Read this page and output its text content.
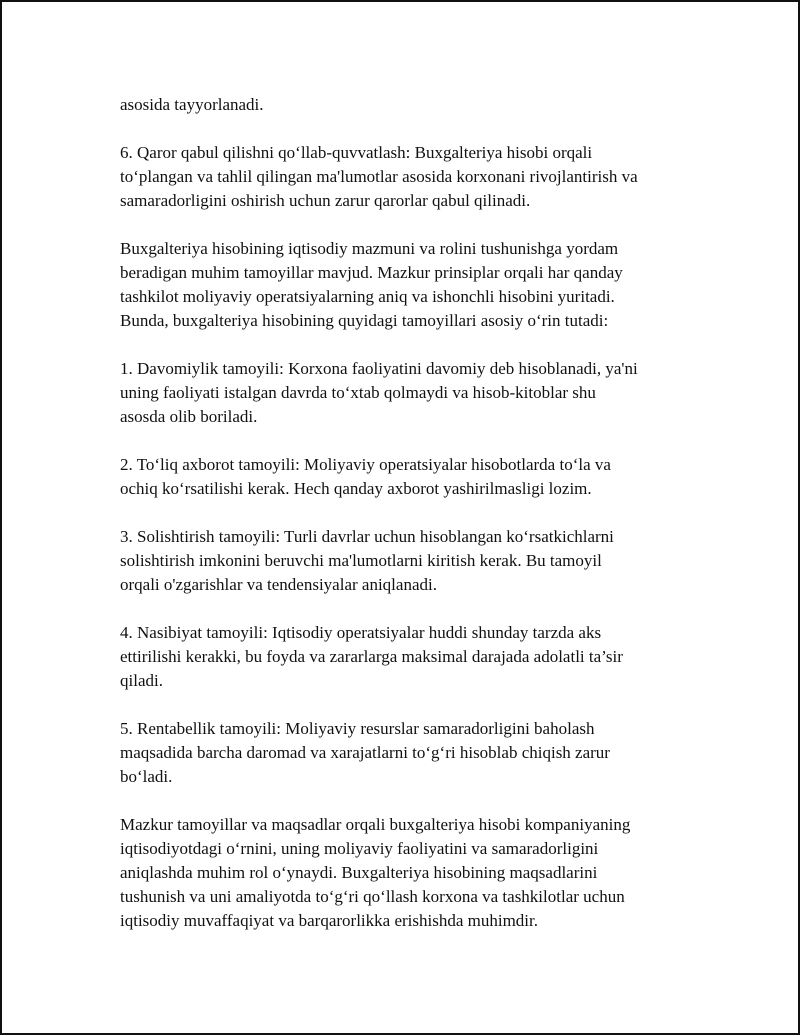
asosida tayyorlanadi.

6. Qaror qabul qilishni qo‘llab-quvvatlash: Buxgalteriya hisobi orqali
to‘plangan va tahlil qilingan ma'lumotlar asosida korxonani rivojlantirish va
samaradorligini oshirish uchun zarur qarorlar qabul qilinadi.

Buxgalteriya hisobining iqtisodiy mazmuni va rolini tushunishga yordam
beradigan muhim tamoyillar mavjud. Mazkur prinsiplar orqali har qanday
tashkilot moliyaviy operatsiyalarning aniq va ishonchli hisobini yuritadi.
Bunda, buxgalteriya hisobining quyidagi tamoyillari asosiy o‘rin tutadi:

1. Davomiylik tamoyili: Korxona faoliyatini davomiy deb hisoblanadi, ya'ni
uning faoliyati istalgan davrda to‘xtab qolmaydi va hisob-kitoblar shu
asosda olib boriladi.

2. To‘liq axborot tamoyili: Moliyaviy operatsiyalar hisobotlarda to‘la va
ochiq ko‘rsatilishi kerak. Hech qanday axborot yashirilmasligi lozim.

3. Solishtirish tamoyili: Turli davrlar uchun hisoblangan ko‘rsatkichlarni
solishtirish imkonini beruvchi ma'lumotlarni kiritish kerak. Bu tamoyil
orqali o'zgarishlar va tendensiyalar aniqlanadi.

4. Nasibiyat tamoyili: Iqtisodiy operatsiyalar huddi shunday tarzda aks
ettirilishi kerakki, bu foyda va zararlarga maksimal darajada adolatli ta’sir
qiladi.

5. Rentabellik tamoyili: Moliyaviy resurslar samaradorligini baholash
maqsadida barcha daromad va xarajatlarni to‘g‘ri hisoblab chiqish zarur
bo‘ladi.

Mazkur tamoyillar va maqsadlar orqali buxgalteriya hisobi kompaniyaning
iqtisodiyotdagi o‘rnini, uning moliyaviy faoliyatini va samaradorligini
aniqlashda muhim rol o‘ynaydi. Buxgalteriya hisobining maqsadlarini
tushunish va uni amaliyotda to‘g‘ri qo‘llash korxona va tashkilotlar uchun
iqtisodiy muvaffaqiyat va barqarorlikka erishishda muhimdir.
